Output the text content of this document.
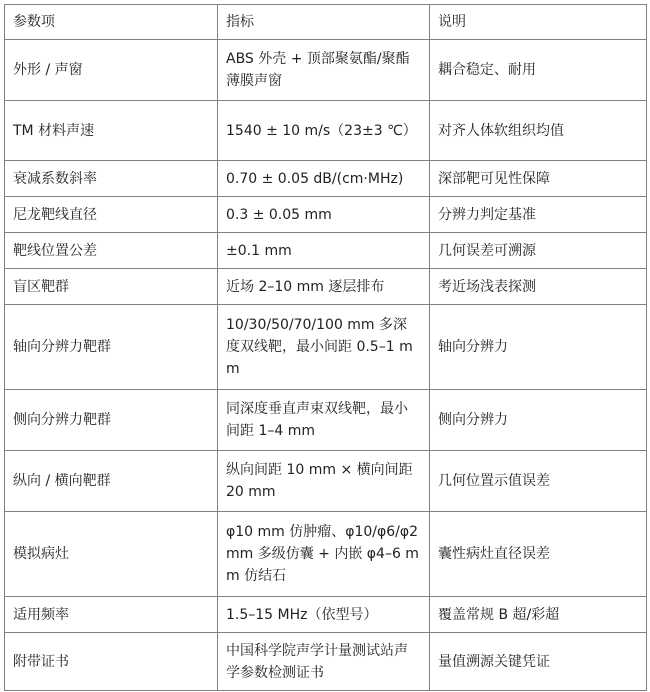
参数项	指标	说明
外形 / 声窗	ABS 外壳 + 顶部聚氨酯/聚酯薄膜声窗	耦合稳定、耐用
TM 材料声速	1540 ± 10 m/s（23±3 ℃）	对齐人体软组织均值
衰减系数斜率	0.70 ± 0.05 dB/(cm·MHz)	深部靶可见性保障
尼龙靶线直径	0.3 ± 0.05 mm	分辨力判定基准
靶线位置公差	±0.1 mm	几何误差可溯源
盲区靶群	近场 2–10 mm 逐层排布	考近场浅表探测
轴向分辨力靶群	10/30/50/70/100 mm 多深度双线靶，最小间距 0.5–1 mm	轴向分辨力
侧向分辨力靶群	同深度垂直声束双线靶，最小间距 1–4 mm	侧向分辨力
纵向 / 横向靶群	纵向间距 10 mm × 横向间距 20 mm	几何位置示值误差
模拟病灶	φ10 mm 仿肿瘤、φ10/φ6/φ2 mm 多级仿囊 + 内嵌 φ4–6 mm 仿结石	囊性病灶直径误差
适用频率	1.5–15 MHz（依型号）	覆盖常规 B 超/彩超
附带证书	中国科学院声学计量测试站声学参数检测证书	量值溯源关键凭证
